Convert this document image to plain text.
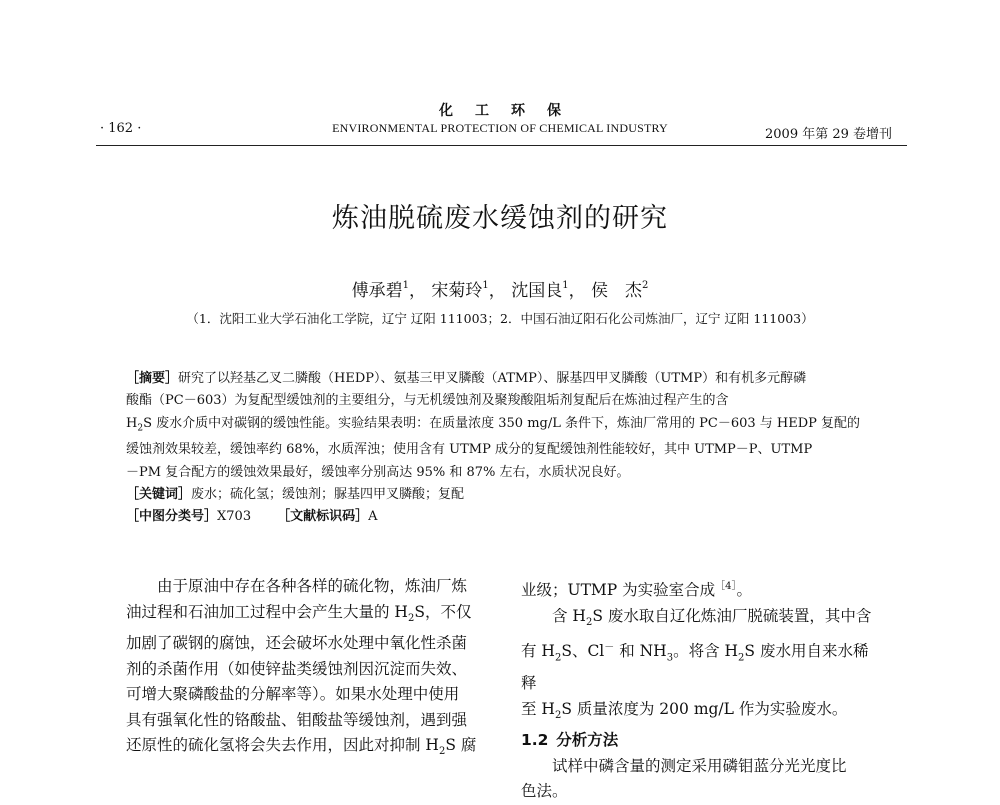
化工环保
· 162 ·	ENVIRONMENTAL PROTECTION OF CHEMICAL INDUSTRY	2009 年第 29 卷增刊
炼油脱硫废水缓蚀剂的研究
傅承碧$^1$， 宋菊玲$^1$， 沈国良$^1$， 侯　杰$^2$
（1．沈阳工业大学石油化工学院，辽宁 辽阳 111003；2．中国石油辽阳石化公司炼油厂，辽宁 辽阳 111003）

［摘要］研究了以羟基乙叉二膦酸（HEDP）、氨基三甲叉膦酸（ATMP）、脲基四甲叉膦酸（UTMP）和有机多元醇磷

酸酯（PC－603）为复配型缓蚀剂的主要组分，与无机缓蚀剂及聚羧酸阻垢剂复配后在炼油过程产生的含

$H_2S$ 废水介质中对碳钢的缓蚀性能。实验结果表明：在质量浓度 350 mg/L 条件下，炼油厂常用的 PC－603 与 HEDP 复配的

缓蚀剂效果较差，缓蚀率约 68%，水质浑浊；使用含有 UTMP 成分的复配缓蚀剂性能较好，其中 UTMP－P、UTMP

－PM 复合配方的缓蚀效果最好，缓蚀率分别高达 95% 和 87% 左右，水质状况良好。

［关键词］废水；硫化氢；缓蚀剂；脲基四甲叉膦酸；复配

［中图分类号］X703   ［文献标识码］A

由于原油中存在各种各样的硫化物，炼油厂炼

油过程和石油加工过程中会产生大量的 $H_2S$，不仅

加剧了碳钢的腐蚀，还会破坏水处理中氧化性杀菌

剂的杀菌作用（如使锌盐类缓蚀剂因沉淀而失效、

可增大聚磷酸盐的分解率等）。如果水处理中使用

具有强氧化性的铬酸盐、钼酸盐等缓蚀剂，遇到强

还原性的硫化氢将会失去作用，因此对抑制 $H_2S$ 腐

业级；UTMP 为实验室合成$^{[4]}$。

含 $H_2S$ 废水取自辽化炼油厂脱硫装置，其中含

有 $H_2S$、Cl－ 和 $NH_3$。将含 $H_2S$ 废水用自来水稀释

至 $H_2S$ 质量浓度为 200 mg/L 作为实验废水。

1.2  分析方法

试样中磷含量的测定采用磷钼蓝分光光度比

色法。
